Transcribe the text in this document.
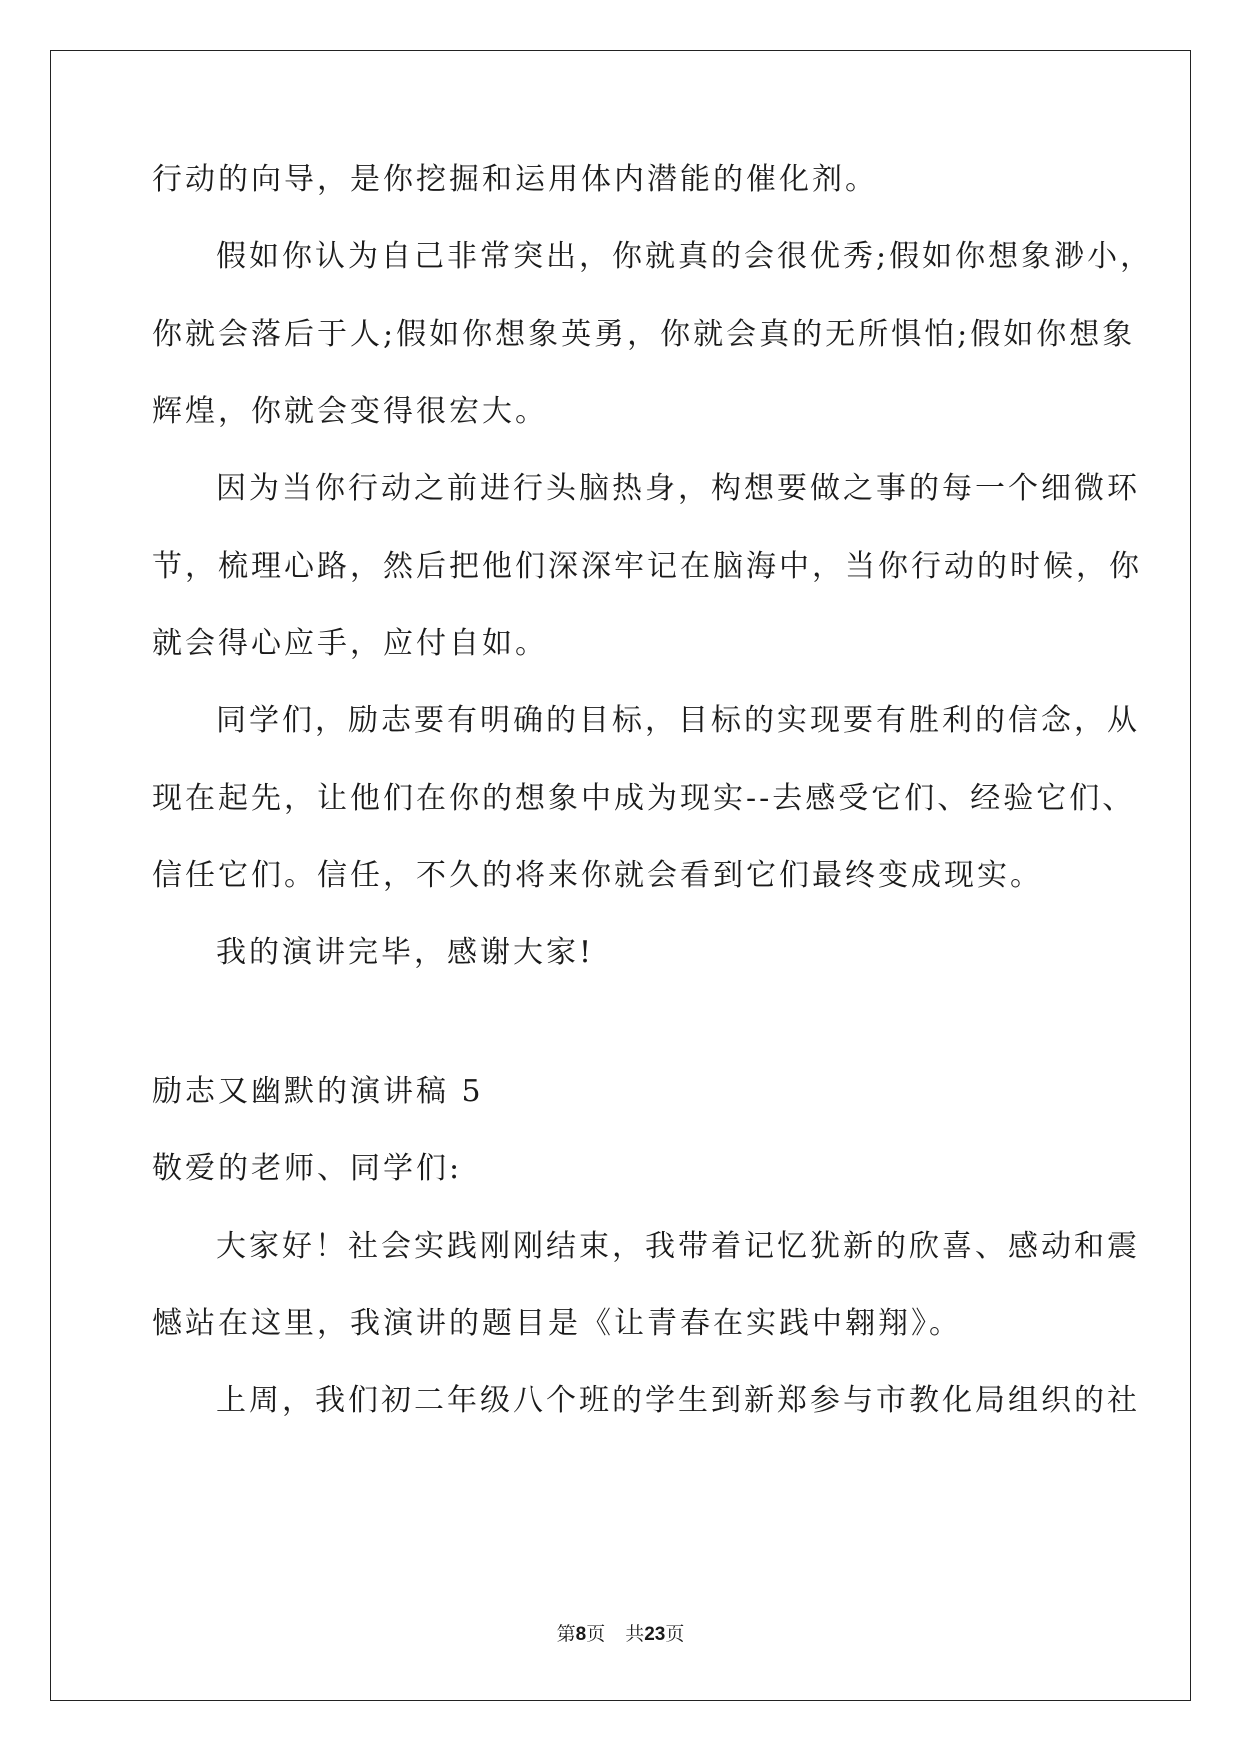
行动的向导，是你挖掘和运用体内潜能的催化剂。
假如你认为自己非常突出，你就真的会很优秀;假如你想象渺小，
你就会落后于人;假如你想象英勇，你就会真的无所惧怕;假如你想象
辉煌，你就会变得很宏大。
因为当你行动之前进行头脑热身，构想要做之事的每一个细微环
节，梳理心路，然后把他们深深牢记在脑海中，当你行动的时候，你
就会得心应手，应付自如。
同学们，励志要有明确的目标，目标的实现要有胜利的信念，从
现在起先，让他们在你的想象中成为现实--去感受它们、经验它们、
信任它们。信任，不久的将来你就会看到它们最终变成现实。
我的演讲完毕，感谢大家!
励志又幽默的演讲稿 5
敬爱的老师、同学们:
大家好！社会实践刚刚结束，我带着记忆犹新的欣喜、感动和震
憾站在这里，我演讲的题目是《让青春在实践中翱翔》。
上周，我们初二年级八个班的学生到新郑参与市教化局组织的社
第8页 共23页
